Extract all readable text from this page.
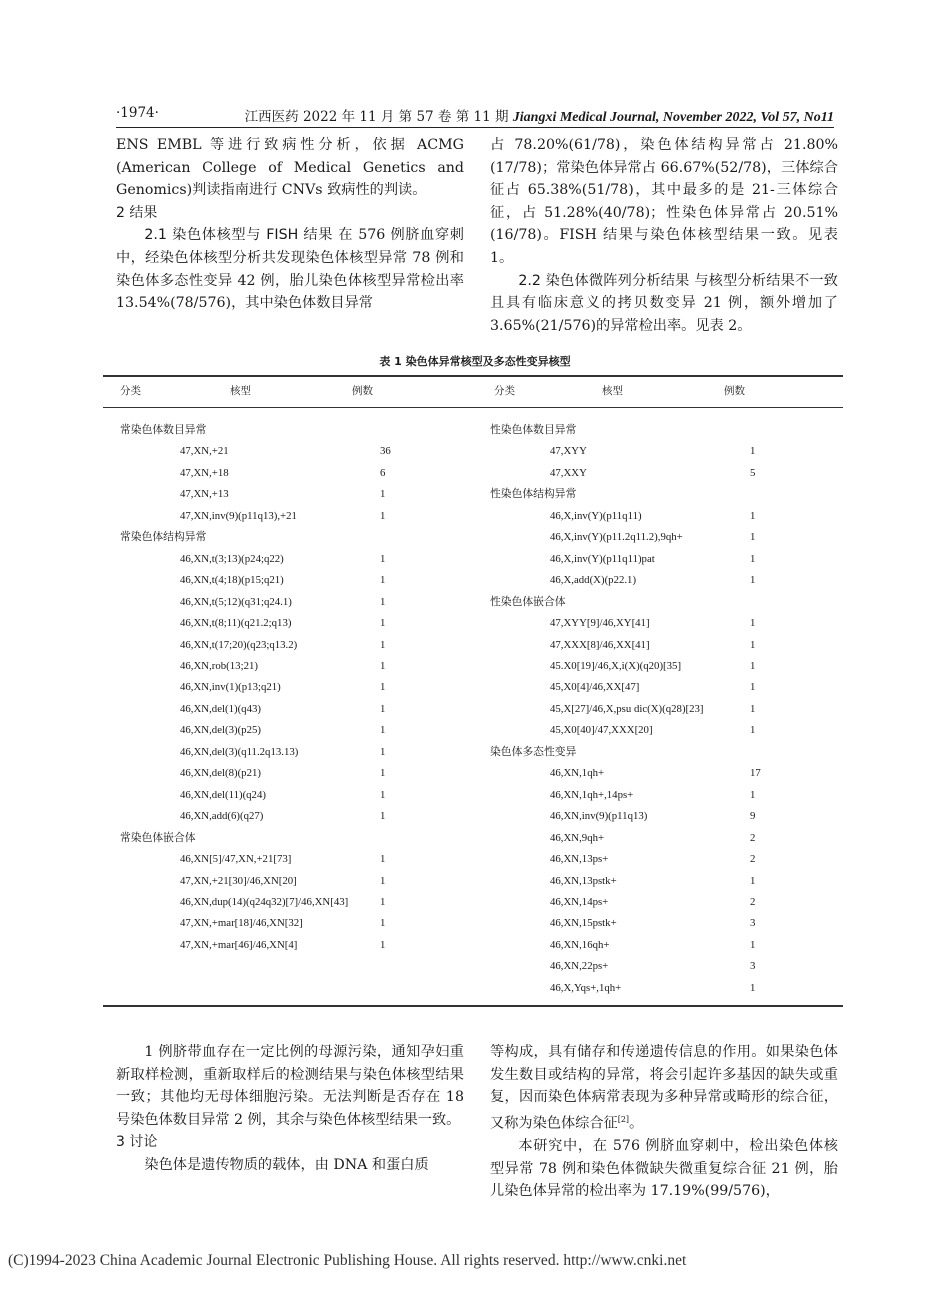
·1974·	江西医药 2022 年 11 月 第 57 卷 第 11 期 Jiangxi Medical Journal, November 2022, Vol 57, No11

ENS EMBL 等进行致病性分析，依据 ACMG (American College of Medical Genetics and Genomics)判读指南进行 CNVs 致病性的判读。

2 结果

2.1 染色体核型与 FISH 结果 在 576 例脐血穿刺中，经染色体核型分析共发现染色体核型异常 78 例和染色体多态性变异 42 例，胎儿染色体核型异常检出率 13.54%(78/576)，其中染色体数目异常

占 78.20%(61/78)，染色体结构异常占 21.80%(17/78)；常染色体异常占 66.67%(52/78)，三体综合征占 65.38%(51/78)，其中最多的是 21-三体综合征，占 51.28%(40/78)；性染色体异常占 20.51%(16/78)。FISH 结果与染色体核型结果一致。见表 1。

2.2 染色体微阵列分析结果 与核型分析结果不一致且具有临床意义的拷贝数变异 21 例，额外增加了 3.65%(21/576)的异常检出率。见表 2。

表 1 染色体异常核型及多态性变异核型
分类	核型	例数	分类	核型	例数
常染色体数目异常
47,XN,+21	36
47,XN,+18	6
47,XN,+13	1
47,XN,inv(9)(p11q13),+21	1
常染色体结构异常
46,XN,t(3;13)(p24;q22)	1
46,XN,t(4;18)(p15;q21)	1
46,XN,t(5;12)(q31;q24.1)	1
46,XN,t(8;11)(q21.2;q13)	1
46,XN,t(17;20)(q23;q13.2)	1
46,XN,rob(13;21)	1
46,XN,inv(1)(p13;q21)	1
46,XN,del(1)(q43)	1
46,XN,del(3)(p25)	1
46,XN,del(3)(q11.2q13.13)	1
46,XN,del(8)(p21)	1
46,XN,del(11)(q24)	1
46,XN,add(6)(q27)	1
常染色体嵌合体
46,XN[5]/47,XN,+21[73]	1
47,XN,+21[30]/46,XN[20]	1
46,XN,dup(14)(q24q32)[7]/46,XN[43]	1
47,XN,+mar[18]/46,XN[32]	1
47,XN,+mar[46]/46,XN[4]	1
性染色体数目异常
47,XYY	1
47,XXY	5
性染色体结构异常
46,X,inv(Y)(p11q11)	1
46,X,inv(Y)(p11.2q11.2),9qh+	1
46,X,inv(Y)(p11q11)pat	1
46,X,add(X)(p22.1)	1
性染色体嵌合体
47,XYY[9]/46,XY[41]	1
47,XXX[8]/46,XX[41]	1
45.X0[19]/46,X,i(X)(q20)[35]	1
45,X0[4]/46,XX[47]	1
45,X[27]/46,X,psu dic(X)(q28)[23]	1
45,X0[40]/47,XXX[20]	1
染色体多态性变异
46,XN,1qh+	17
46,XN,1qh+,14ps+	1
46,XN,inv(9)(p11q13)	9
46,XN,9qh+	2
46,XN,13ps+	2
46,XN,13pstk+	1
46,XN,14ps+	2
46,XN,15pstk+	3
46,XN,16qh+	1
46,XN,22ps+	3
46,X,Yqs+,1qh+	1

1 例脐带血存在一定比例的母源污染，通知孕妇重新取样检测，重新取样后的检测结果与染色体核型结果一致；其他均无母体细胞污染。无法判断是否存在 18 号染色体数目异常 2 例，其余与染色体核型结果一致。

3 讨论

染色体是遗传物质的载体，由 DNA 和蛋白质

等构成，具有储存和传递遗传信息的作用。如果染色体发生数目或结构的异常，将会引起许多基因的缺失或重复，因而染色体病常表现为多种异常或畸形的综合征，又称为染色体综合征[2]。

本研究中，在 576 例脐血穿刺中，检出染色体核型异常 78 例和染色体微缺失微重复综合征 21 例，胎儿染色体异常的检出率为 17.19%(99/576)，

(C)1994-2023 China Academic Journal Electronic Publishing House. All rights reserved. http://www.cnki.net
